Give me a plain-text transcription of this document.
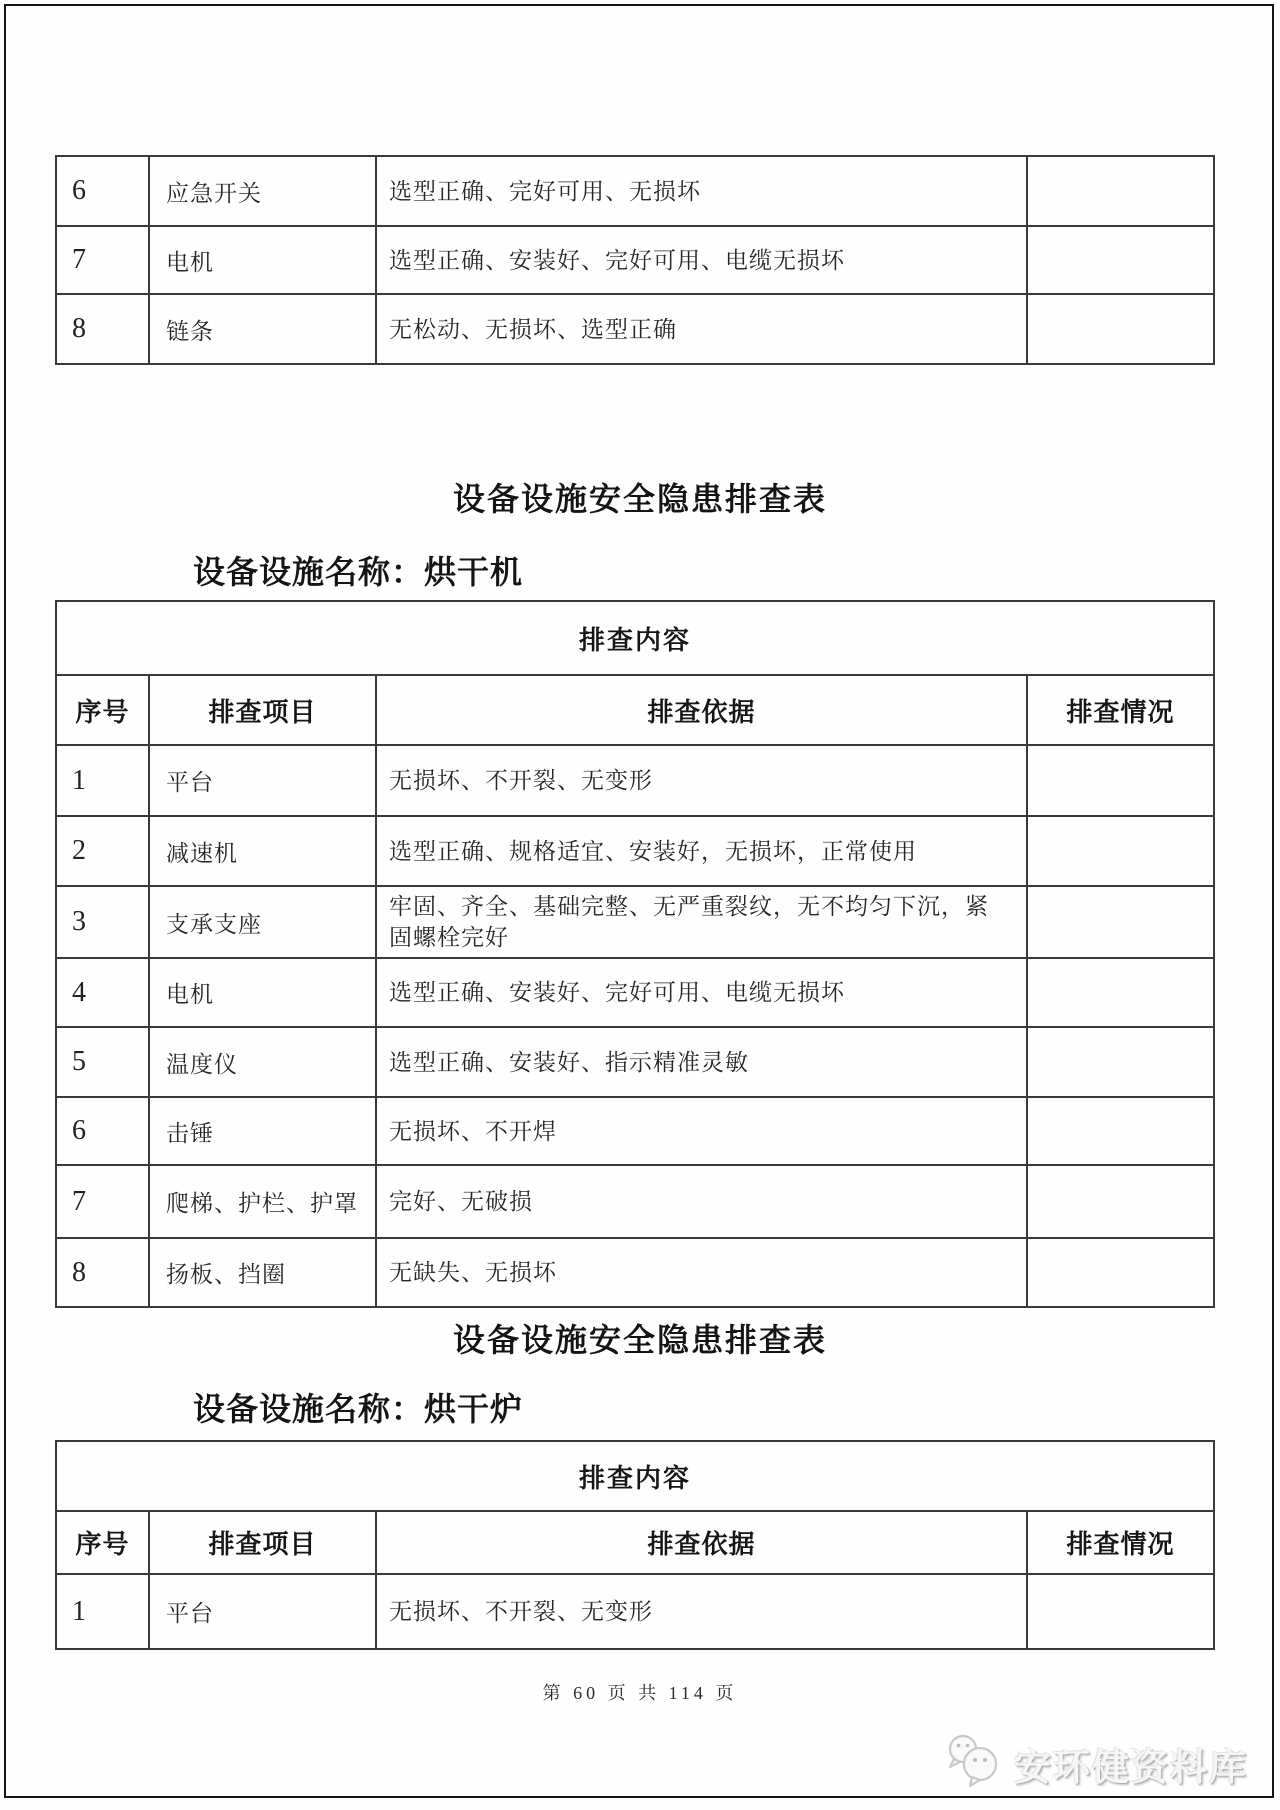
6	应急开关	选型正确、完好可用、无损坏	
7	电机	选型正确、安装好、完好可用、电缆无损坏	
8	链条	无松动、无损坏、选型正确	
设备设施安全隐患排查表
设备设施名称：烘干机
排查内容			
序号	排查项目	排查依据	排查情况
1	平台	无损坏、不开裂、无变形	
2	减速机	选型正确、规格适宜、安装好，无损坏，正常使用	
3	支承支座	牢固、齐全、基础完整、无严重裂纹，无不均匀下沉，紧固螺栓完好	
4	电机	选型正确、安装好、完好可用、电缆无损坏	
5	温度仪	选型正确、安装好、指示精准灵敏	
6	击锤	无损坏、不开焊	
7	爬梯、护栏、护罩	完好、无破损	
8	扬板、挡圈	无缺失、无损坏	
设备设施安全隐患排查表
设备设施名称：烘干炉
排查内容			
序号	排查项目	排查依据	排查情况
1	平台	无损坏、不开裂、无变形	
第 60 页 共 114 页
安环健资料库
